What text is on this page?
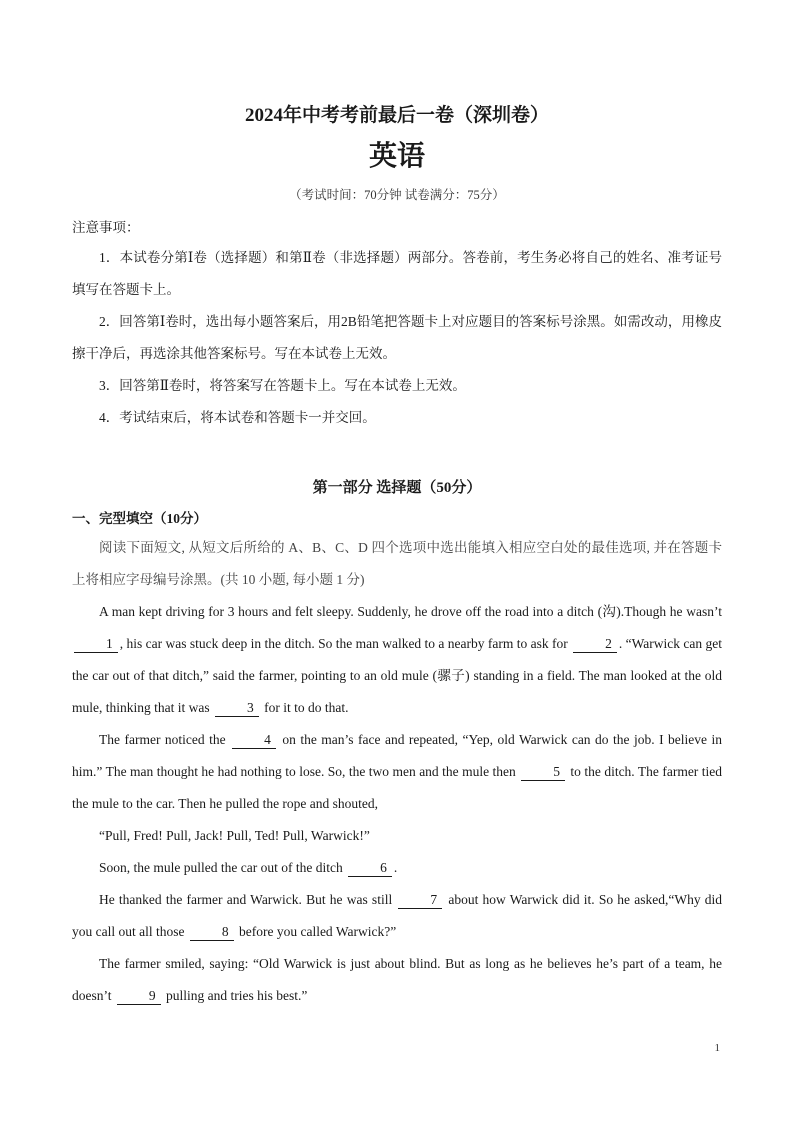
2024年中考考前最后一卷（深圳卷）
英语
（考试时间：70分钟 试卷满分：75分）
注意事项：
1．本试卷分第Ⅰ卷（选择题）和第Ⅱ卷（非选择题）两部分。答卷前，考生务必将自己的姓名、准考证号填写在答题卡上。
2．回答第Ⅰ卷时，选出每小题答案后，用2B铅笔把答题卡上对应题目的答案标号涂黑。如需改动，用橡皮擦干净后，再选涂其他答案标号。写在本试卷上无效。
3．回答第Ⅱ卷时，将答案写在答题卡上。写在本试卷上无效。
4．考试结束后，将本试卷和答题卡一并交回。
第一部分 选择题（50分）
一、完型填空（10分）
阅读下面短文, 从短文后所给的 A、B、C、D 四个选项中选出能填入相应空白处的最佳选项, 并在答题卡上将相应字母编号涂黑。(共 10 小题, 每小题 1 分)

A man kept driving for 3 hours and felt sleepy. Suddenly, he drove off the road into a ditch (沟).Though he wasn’t 1 , his car was stuck deep in the ditch. So the man walked to a nearby farm to ask for	2 . “Warwick can get the car out of that ditch,” said the farmer, pointing to an old mule (骡子) standing in a field. The man looked at the old mule, thinking that it was	3 for it to do that.

The farmer noticed the	4 on the man’s face and repeated, “Yep, old Warwick can do the job. I believe in him.” The man thought he had nothing to lose. So, the two men and the mule then	5 to the ditch. The farmer tied the mule to the car. Then he pulled the rope and shouted,

“Pull, Fred! Pull, Jack! Pull, Ted! Pull, Warwick!”

Soon, the mule pulled the car out of the ditch	6 .

He thanked the farmer and Warwick. But he was still	7 about how Warwick did it. So he asked,“Why did you call out all those	8 before you called Warwick?”

The farmer smiled, saying: “Old Warwick is just about blind. But as long as he believes he’s part of a team, he doesn’t	9 pulling and tries his best.”

1
